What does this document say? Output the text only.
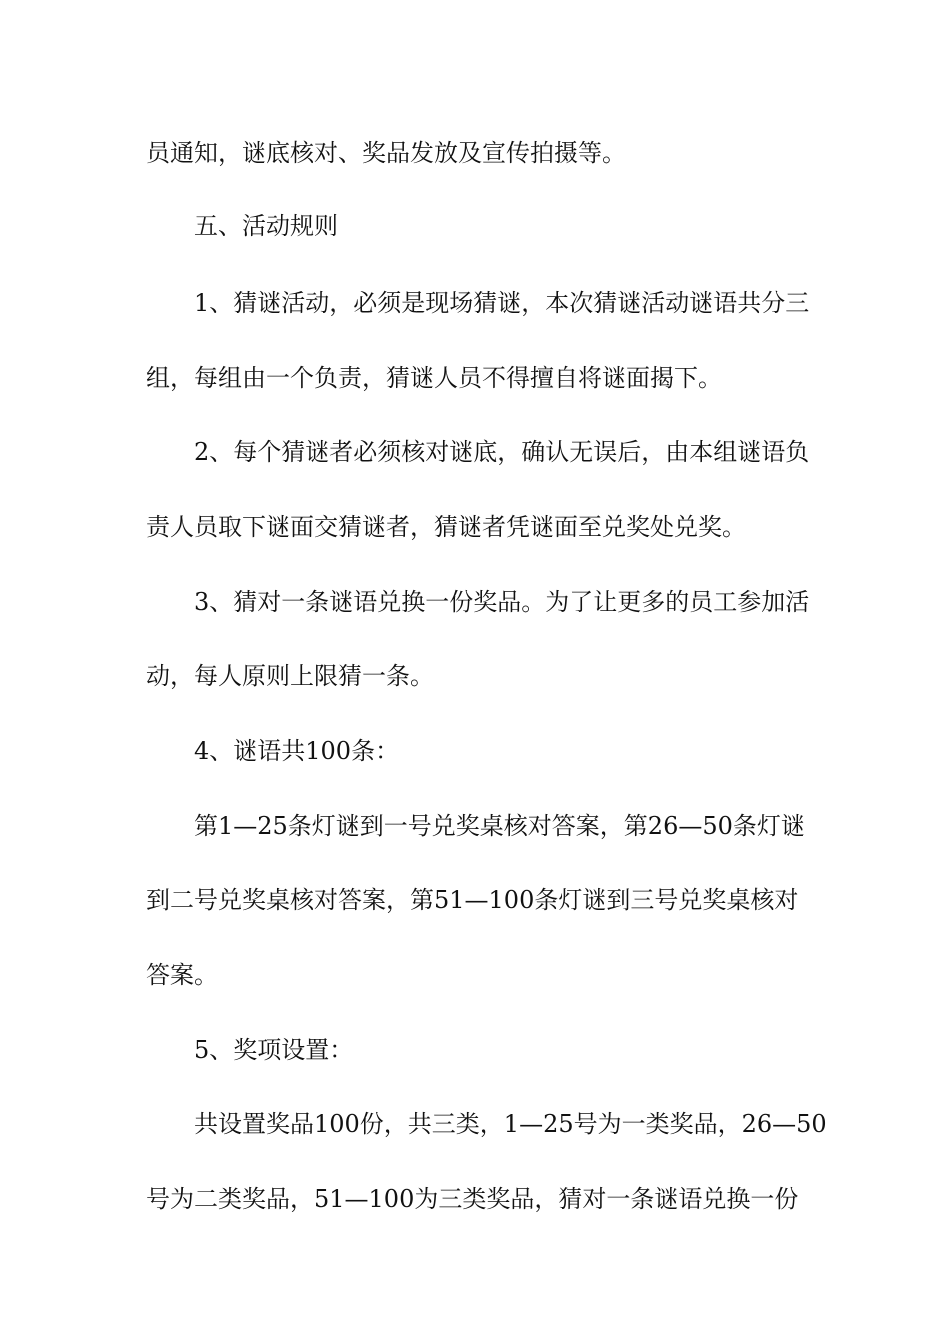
员通知，谜底核对、奖品发放及宣传拍摄等。
五、活动规则
1、猜谜活动，必须是现场猜谜，本次猜谜活动谜语共分三
组，每组由一个负责，猜谜人员不得擅自将谜面揭下。
2、每个猜谜者必须核对谜底，确认无误后，由本组谜语负
责人员取下谜面交猜谜者，猜谜者凭谜面至兑奖处兑奖。
3、猜对一条谜语兑换一份奖品。为了让更多的员工参加活
动，每人原则上限猜一条。
4、谜语共100条：
第1—25条灯谜到一号兑奖桌核对答案，第26—50条灯谜
到二号兑奖桌核对答案，第51—100条灯谜到三号兑奖桌核对
答案。
5、奖项设置：
共设置奖品100份，共三类，1—25号为一类奖品，26—50
号为二类奖品，51—100为三类奖品，猜对一条谜语兑换一份
